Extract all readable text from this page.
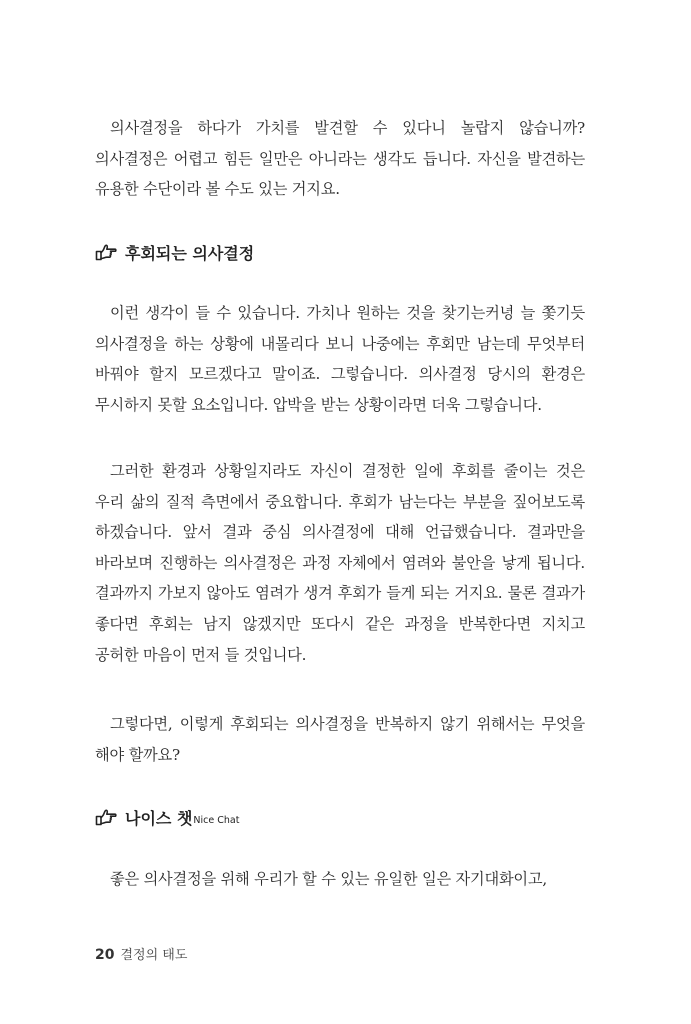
의사결정을 하다가 가치를 발견할 수 있다니 놀랍지 않습니까? 의사결정은 어렵고 힘든 일만은 아니라는 생각도 듭니다. 자신을 발견하는 유용한 수단이라 볼 수도 있는 거지요.

후회되는 의사결정

이런 생각이 들 수 있습니다. 가치나 원하는 것을 찾기는커녕 늘 쫓기듯 의사결정을 하는 상황에 내몰리다 보니 나중에는 후회만 남는데 무엇부터 바꿔야 할지 모르겠다고 말이죠. 그렇습니다. 의사결정 당시의 환경은 무시하지 못할 요소입니다. 압박을 받는 상황이라면 더욱 그렇습니다.

그러한 환경과 상황일지라도 자신이 결정한 일에 후회를 줄이는 것은 우리 삶의 질적 측면에서 중요합니다. 후회가 남는다는 부분을 짚어보도록 하겠습니다. 앞서 결과 중심 의사결정에 대해 언급했습니다. 결과만을 바라보며 진행하는 의사결정은 과정 자체에서 염려와 불안을 낳게 됩니다. 결과까지 가보지 않아도 염려가 생겨 후회가 들게 되는 거지요. 물론 결과가 좋다면 후회는 남지 않겠지만 또다시 같은 과정을 반복한다면 지치고 공허한 마음이 먼저 들 것입니다.

그렇다면, 이렇게 후회되는 의사결정을 반복하지 않기 위해서는 무엇을 해야 할까요?

나이스 챗 Nice Chat

좋은 의사결정을 위해 우리가 할 수 있는 유일한 일은 자기대화이고,

20 결정의 태도
